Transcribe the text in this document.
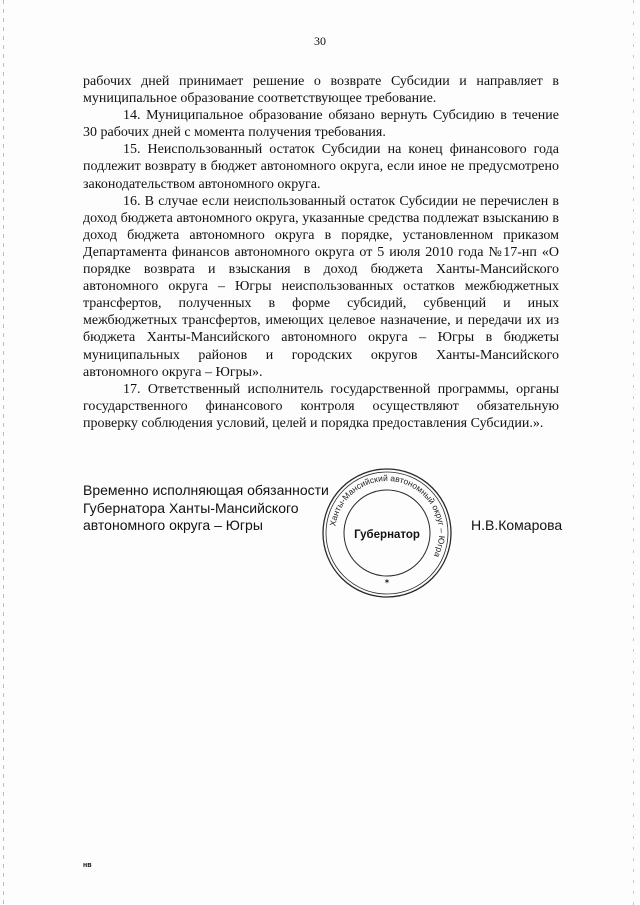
30

рабочих дней принимает решение о возврате Субсидии и направляет в муниципальное образование соответствующее требование.

14. Муниципальное образование обязано вернуть Субсидию в течение 30 рабочих дней с момента получения требования.

15. Неиспользованный остаток Субсидии на конец финансового года подлежит возврату в бюджет автономного округа, если иное не предусмотрено законодательством автономного округа.

16. В случае если неиспользованный остаток Субсидии не перечислен в доход бюджета автономного округа, указанные средства подлежат взысканию в доход бюджета автономного округа в порядке, установленном приказом Департамента финансов автономного округа от 5 июля 2010 года №17-нп «О порядке возврата и взыскания в доход бюджета Ханты-Мансийского автономного округа – Югры неиспользованных остатков межбюджетных трансфертов, полученных в форме субсидий, субвенций и иных межбюджетных трансфертов, имеющих целевое назначение, и передачи их из бюджета Ханты-Мансийского автономного округа – Югры в бюджеты муниципальных районов и городских округов Ханты-Мансийского автономного округа – Югры».

17. Ответственный исполнитель государственной программы, органы государственного финансового контроля осуществляют обязательную проверку соблюдения условий, целей и порядка предоставления Субсидии.».

Временно исполняющая обязанности
Губернатора Ханты-Мансийского
автономного округа – Югры	Ханты-Мансийский автономный округ – Югра
Губернатор
✶
Н.В.Комарова
нв
